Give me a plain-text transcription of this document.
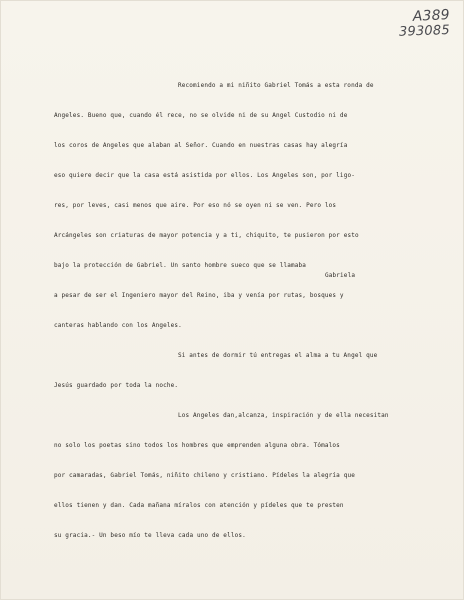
A389
393085

Recomiendo a mi niñito Gabriel Tomás a esta ronda de

Angeles. Bueno que, cuando él rece, no se olvide ni de su Angel Custodio ni de

los coros de Angeles que alaban al Señor. Cuando en nuestras casas hay alegría

eso quiere decir que la casa está asistida por ellos. Los Angeles son, por ligo-

res, por leves, casi menos que aire. Por eso nó se oyen ni se ven. Pero los

Arcángeles son criaturas de mayor potencia y a ti, chiquito, te pusieron por esto

bajo la protección de Gabriel. Un santo hombre sueco que se llamaba

a pesar de ser el Ingeniero mayor del Reino, iba y venía por rutas, bosques y

canteras hablando con los Angeles.

Si antes de dormir tú entregas el alma a tu Angel que

Jesús guardado por toda la noche.

Los Angeles dan,alcanza, inspiración y de ella necesitan

no solo los poetas sino todos los hombres que emprenden alguna obra. Tómalos

por camaradas, Gabriel Tomás, niñito chileno y cristiano. Pídeles la alegría que

ellos tienen y dan. Cada mañana míralos con atención y pídeles que te presten

su gracia.- Un beso mío te lleva cada uno de ellos.

Gabriela
